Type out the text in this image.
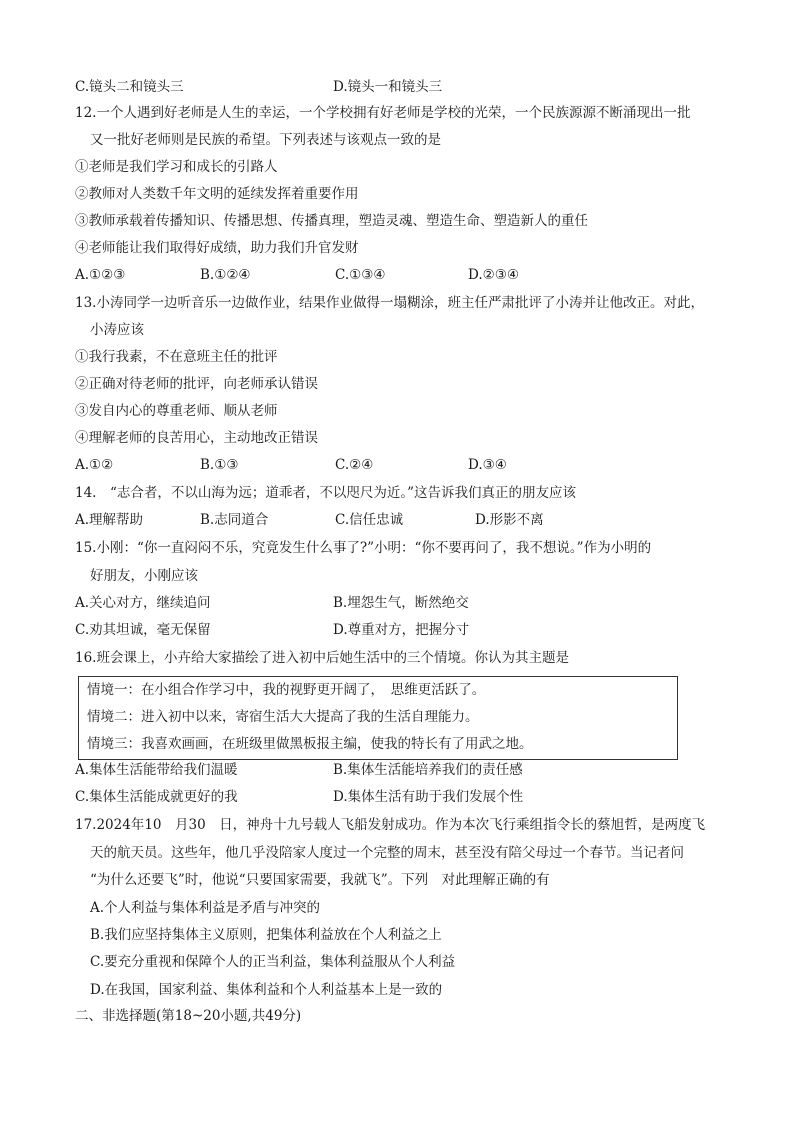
C.镜头二和镜头三	D.镜头一和镜头三
12.一个人遇到好老师是人生的幸运，一个学校拥有好老师是学校的光荣，一个民族源源不断涌现出一批
又一批好老师则是民族的希望。下列表述与该观点一致的是
①老师是我们学习和成长的引路人
②教师对人类数千年文明的延续发挥着重要作用
③教师承载着传播知识、传播思想、传播真理，塑造灵魂、塑造生命、塑造新人的重任
④老师能让我们取得好成绩，助力我们升官发财
A.①②③	B.①②④	C.①③④	D.②③④
13.小涛同学一边听音乐一边做作业，结果作业做得一塌糊涂，班主任严肃批评了小涛并让他改正。对此，
小涛应该
①我行我素，不在意班主任的批评
②正确对待老师的批评，向老师承认错误
③发自内心的尊重老师、顺从老师
④理解老师的良苦用心，主动地改正错误
A.①②	B.①③	C.②④	D.③④
14.　“志合者，不以山海为远；道乖者，不以咫尺为近。”这告诉我们真正的朋友应该
A.理解帮助	B.志同道合	C.信任忠诚	D.形影不离
15.小刚：“你一直闷闷不乐，究竟发生什么事了?”小明：“你不要再问了，我不想说。”作为小明的
好朋友，小刚应该
A.关心对方，继续追问	B.埋怨生气，断然绝交
C.劝其坦诚，毫无保留	D.尊重对方，把握分寸
16.班会课上，小卉给大家描绘了进入初中后她生活中的三个情境。你认为其主题是
情境一：在小组合作学习中，我的视野更开阔了，　思维更活跃了。
情境二：进入初中以来，寄宿生活大大提高了我的生活自理能力。
情境三：我喜欢画画，在班级里做黑板报主编，使我的特长有了用武之地。
A.集体生活能带给我们温暖	B.集体生活能培养我们的责任感
C.集体生活能成就更好的我	D.集体生活有助于我们发展个性
17.2024年10　月30　日，神舟十九号载人飞船发射成功。作为本次飞行乘组指令长的蔡旭哲，是两度飞
天的航天员。这些年，他几乎没陪家人度过一个完整的周末，甚至没有陪父母过一个春节。当记者问
“为什么还要飞”时，他说“只要国家需要，我就飞”。下列　对此理解正确的有
A.个人利益与集体利益是矛盾与冲突的
B.我们应坚持集体主义原则，把集体利益放在个人利益之上
C.要充分重视和保障个人的正当利益，集体利益服从个人利益
D.在我国，国家利益、集体利益和个人利益基本上是一致的
二、非选择题(第18~20小题,共49分)
